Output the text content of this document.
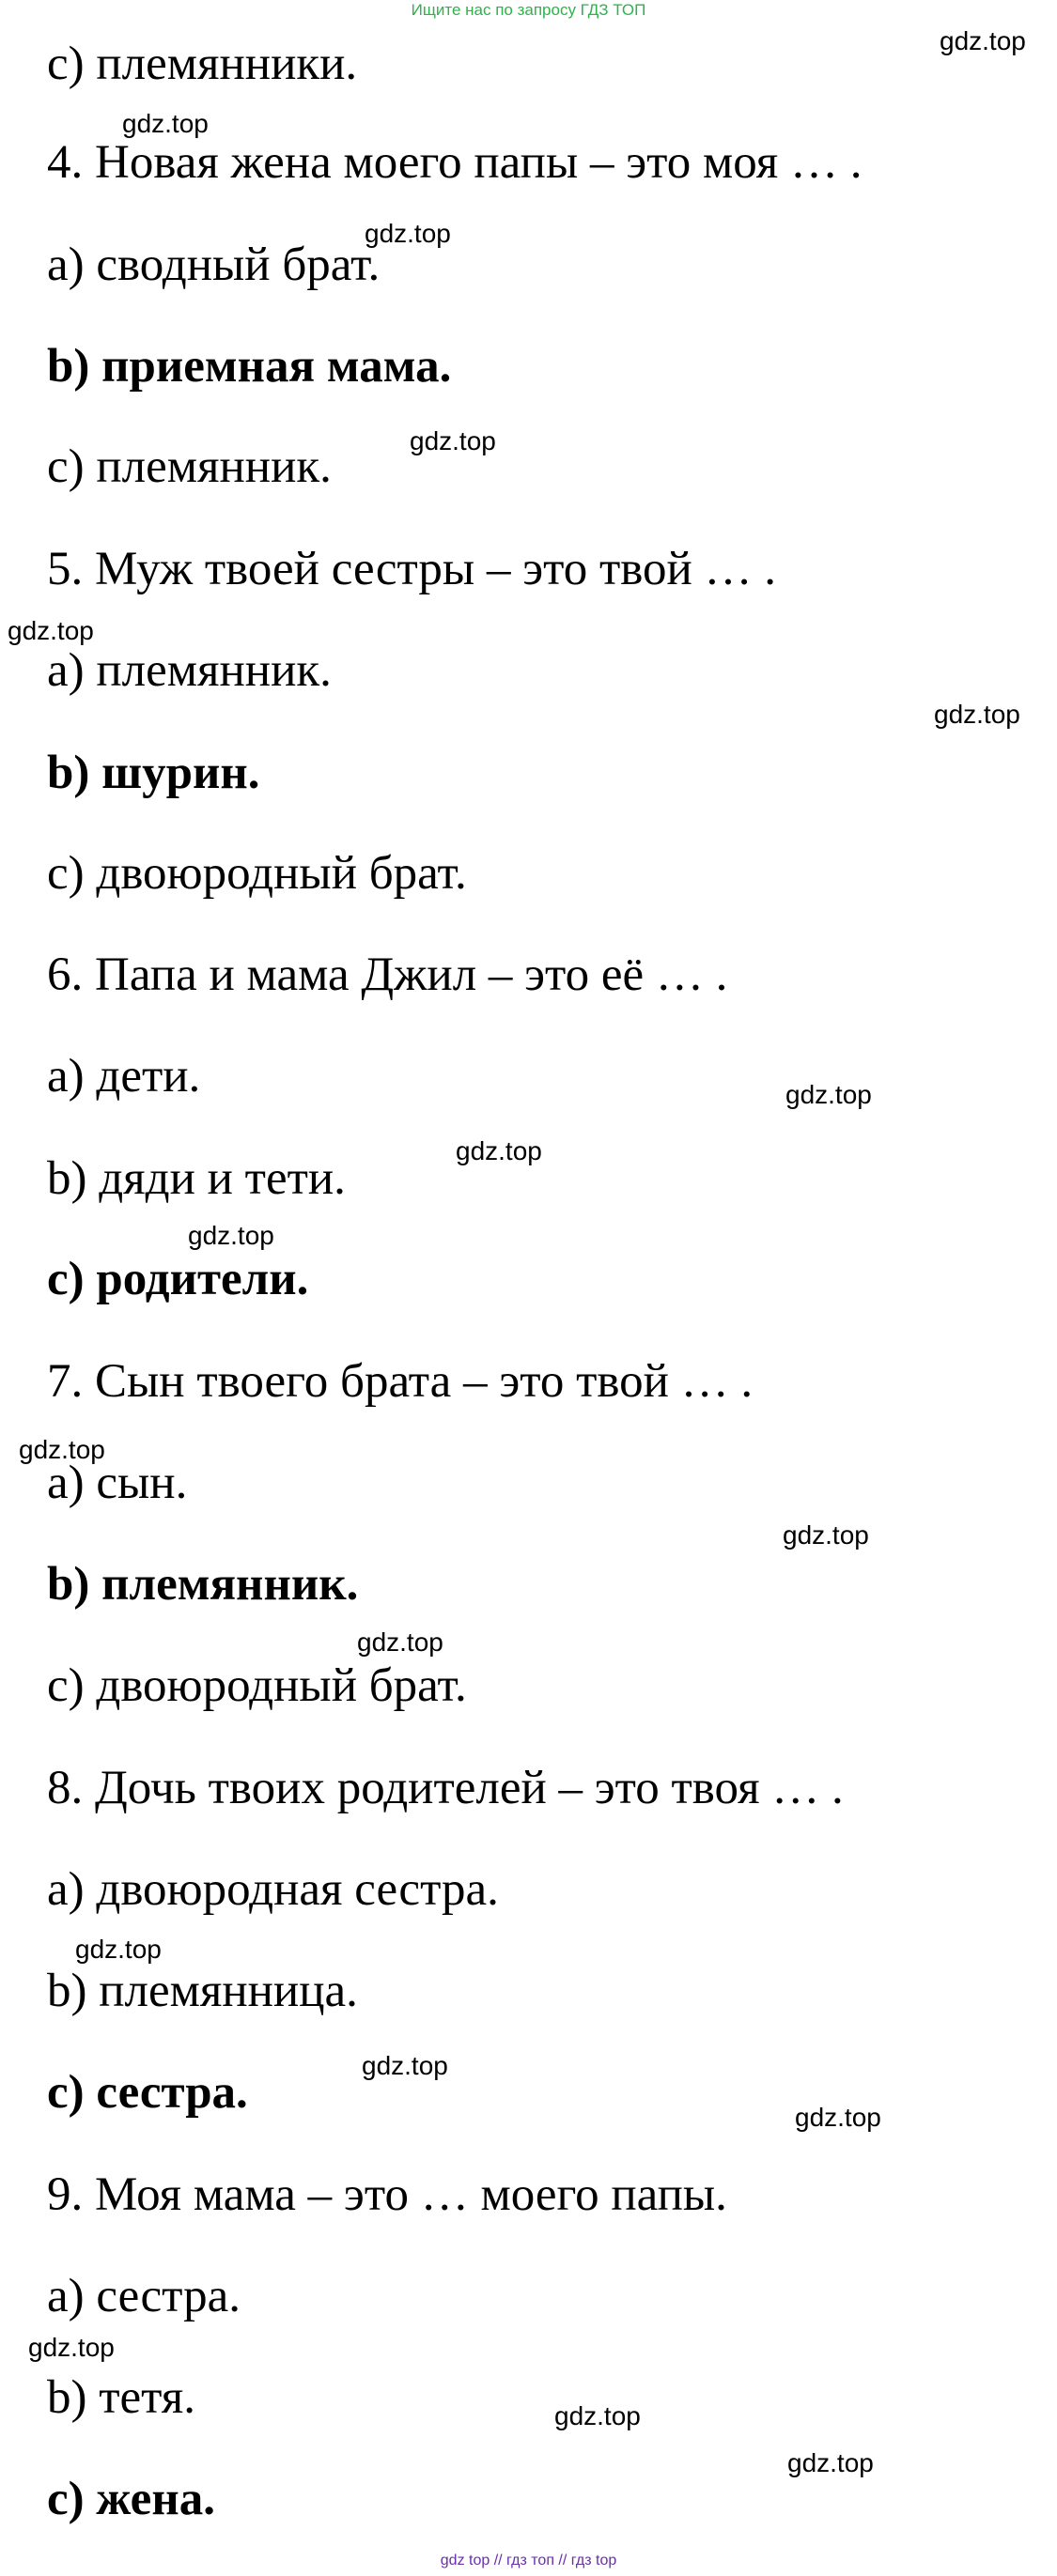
Ищите нас по запросу ГДЗ ТОП
c) племянники.
4. Новая жена моего папы – это моя … .
a) сводный брат.
b) приемная мама.
c) племянник.
5. Муж твоей сестры – это твой … .
a) племянник.
b) шурин.
c) двоюродный брат.
6. Папа и мама Джил – это её … .
a) дети.
b) дяди и тети.
c) родители.
7. Сын твоего брата – это твой … .
a) сын.
b) племянник.
c) двоюродный брат.
8. Дочь твоих родителей – это твоя … .
a) двоюродная сестра.
b) племянница.
c) сестра.
9. Моя мама – это … моего папы.
a) сестра.
b) тетя.
c) жена.
gdz.top
gdz.top
gdz.top
gdz.top
gdz.top
gdz.top
gdz.top
gdz.top
gdz.top
gdz.top
gdz.top
gdz.top
gdz.top
gdz.top
gdz.top
gdz.top
gdz.top
gdz.top
gdz top // гдз топ // гдз top
